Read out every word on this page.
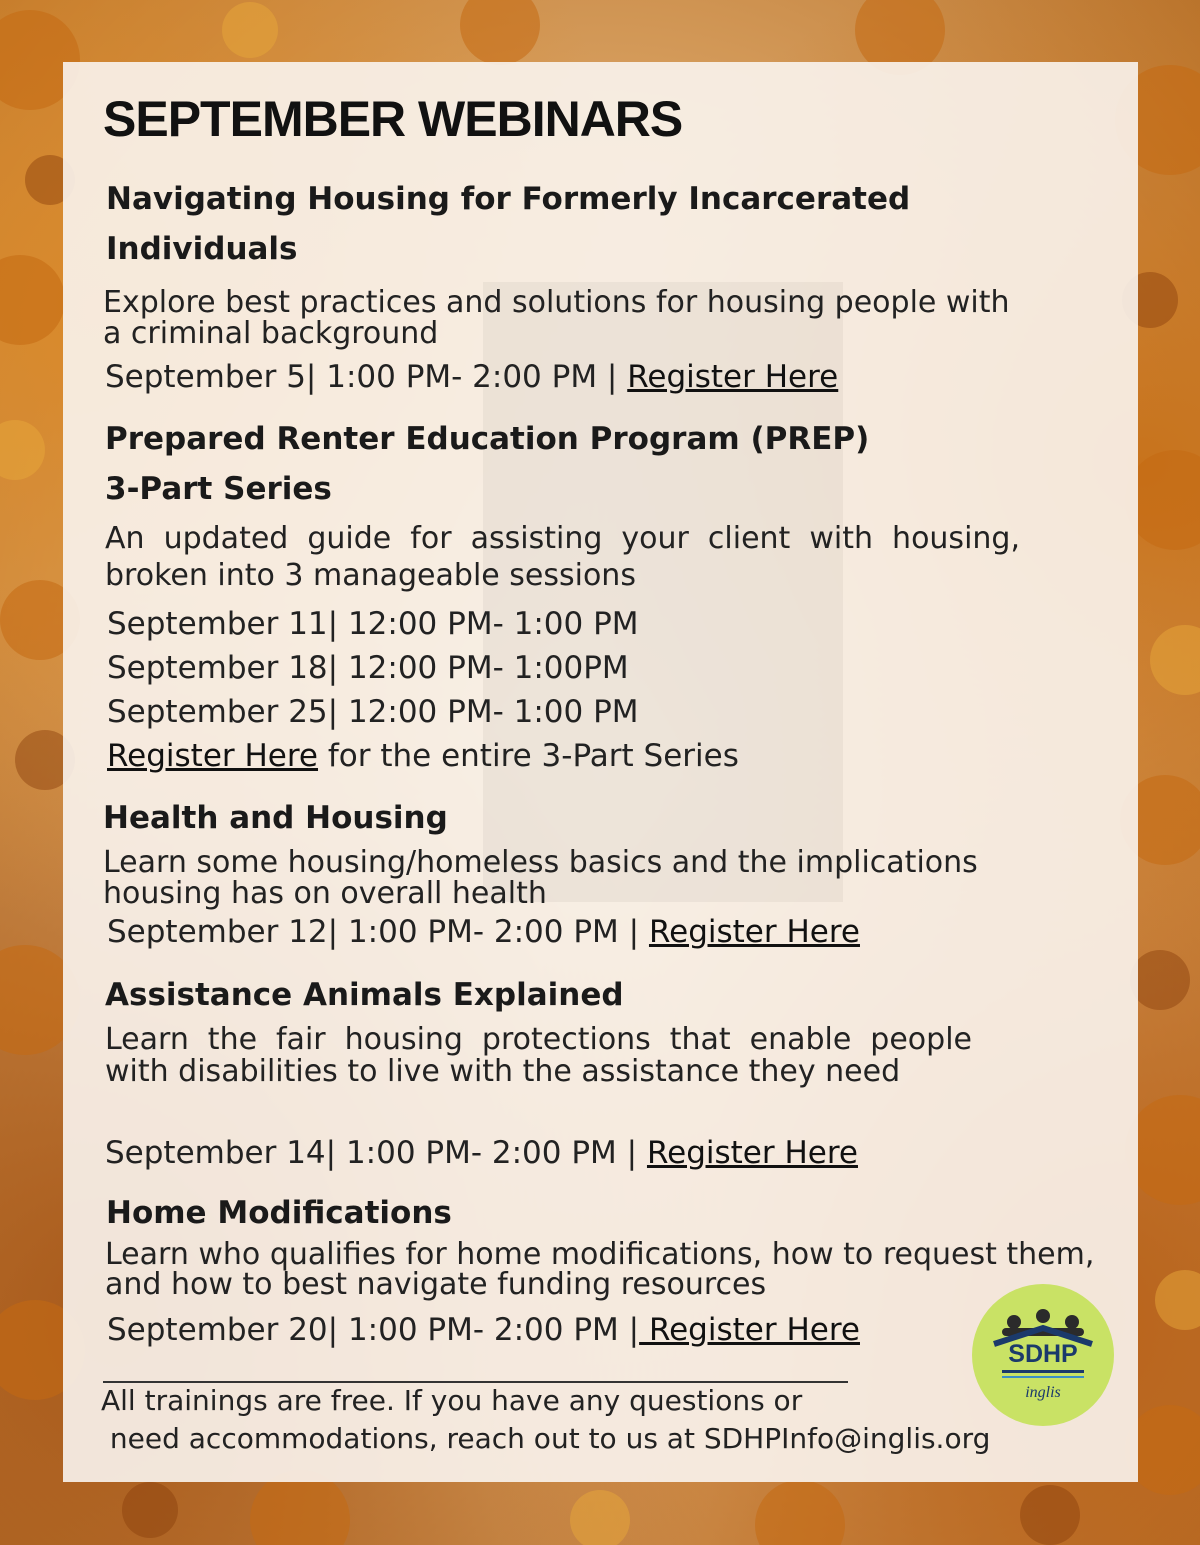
SEPTEMBER WEBINARS
Navigating Housing for Formerly Incarcerated
Individuals

Explore best practices and solutions for housing people with a criminal background

September 5| 1:00 PM- 2:00 PM | Register Here

Prepared Renter Education Program (PREP)
3-Part Series

An updated guide for assisting your client with housing, broken into 3 manageable sessions

September 11| 12:00 PM- 1:00 PM

September 18| 12:00 PM- 1:00PM

September 25| 12:00 PM- 1:00 PM

Register Here for the entire 3-Part Series

Health and Housing

Learn some housing/homeless basics and the implications housing has on overall health

September 12| 1:00 PM- 2:00 PM | Register Here

Assistance Animals Explained

Learn the fair housing protections that enable people with disabilities to live with the assistance they need

September 14| 1:00 PM- 2:00 PM | Register Here

Home Modifications

Learn who qualifies for home modifications, how to request them, and how to best navigate funding resources

September 20| 1:00 PM- 2:00 PM | Register Here

All trainings are free. If you have any questions or

need accommodations, reach out to us at SDHPInfo@inglis.org

SDHP
inglis
